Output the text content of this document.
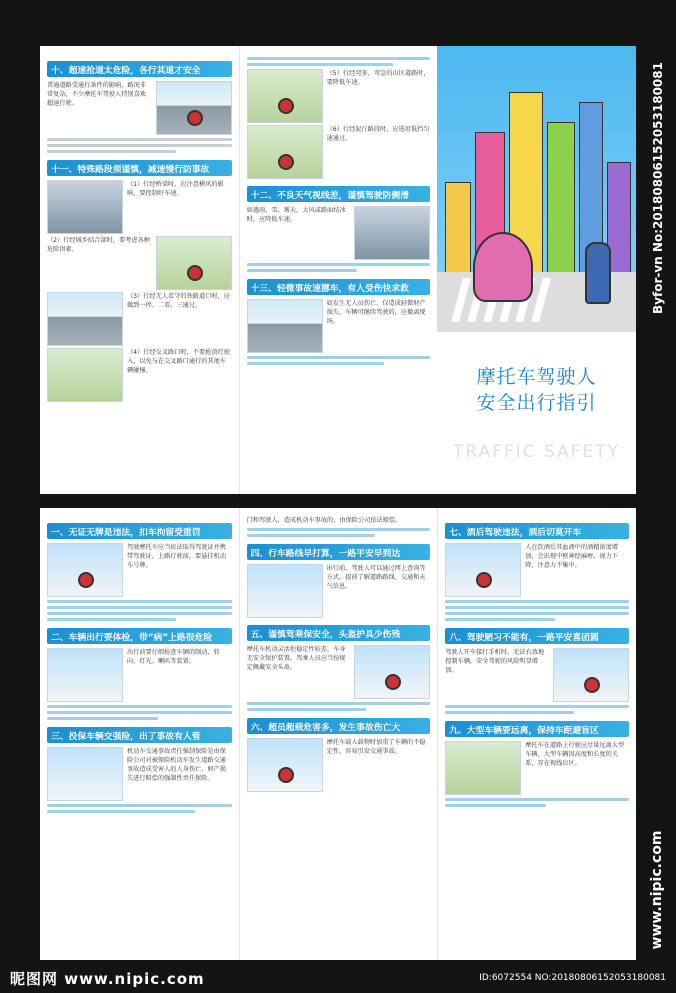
十、超速抢道太危险，各行其道才安全
普通道路受通行条件的影响，路况非常复杂，不少摩托车驾驶人特别喜欢超速行驶。
十一、特殊路段须谨慎，减速慢行防事故
（1）行经桥梁时，应注意横风的影响，要控制好车速。
（2）行经城乡结合部时，要考虑各种危险因素。
（3）行经无人看守的铁路道口时，应做到一停、二看、三通过。
（4）行经交叉路口时，不要抢黄灯驶入，以免与在交叉路口通行的其他车辆碰撞。
（5）行经弯多、弯急的山区道路时，要降低车速。
（6）行经泥泞路段时，应选用低挡匀速通过。
十二、不良天气视线差，谨慎驾驶防侧滑
如遇雨、雪、雾天，大风或路面结冰时，应降低车速。
十三、轻微事故速挪车，有人受伤快求救
如发生无人员伤亡，仅造成轻微财产损失，车辆可继续驾驶的，应撤离现场。
摩托车驾驶人
安全出行指引
TRAFFIC SAFETY
一、无证无牌是违法，扣车拘留受重罚
驾驶摩托车应当依法取得驾驶证并携带驾驶证，上路行驶前，要悬挂机动车号牌。
二、车辆出行要体检，带“病”上路很危险
出行前要仔细检查车辆的制动、转向、灯光、喇叭等装置。
三、投保车辆交强险，出了事故有人管
机动车交通事故责任强制保险是由保险公司对被保险机动车发生道路交通事故造成受害人的人身伤亡、财产损失进行赔偿的强制性责任保险。
门和驾驶人，造成机动车事故的，由保险公司依法赔偿。
四、行车路线早打算，一路平安早到达
出行前，驾驶人可以通过网上查询等方式，提前了解道路路线、交通和天气信息。
五、谨慎驾乘保安全，头盔护具少伤残
摩托车机动灵活但稳定性较差，车身无安全保护装置，驾乘人员应当按规定佩戴安全头盔。
六、超员超载危害多，发生事故伤亡大
摩托车载人载物时加重了车辆的不稳定性，容易引发交通事故。
七、酒后驾驶违法，酒后切莫开车
人在饮酒后其血液中的酒精浓度增加，会出现中枢神经麻痹，视力下降，注意力不集中。
八、驾驶陋习不能有，一路平安喜团圆
驾驶人开车接打手机时，无法有效地控制车辆，安全驾驶的风险明显增加。
九、大型车辆要远离，保持车距避盲区
摩托车在道路上行驶应尽量远离大型车辆，大型车辆因高度和长度的关系，存在视线盲区。
Byfor-vn No:20180806152053180081
www.nipic.com
昵图网 www.nipic.com	ID:6072554 NO:20180806152053180081
